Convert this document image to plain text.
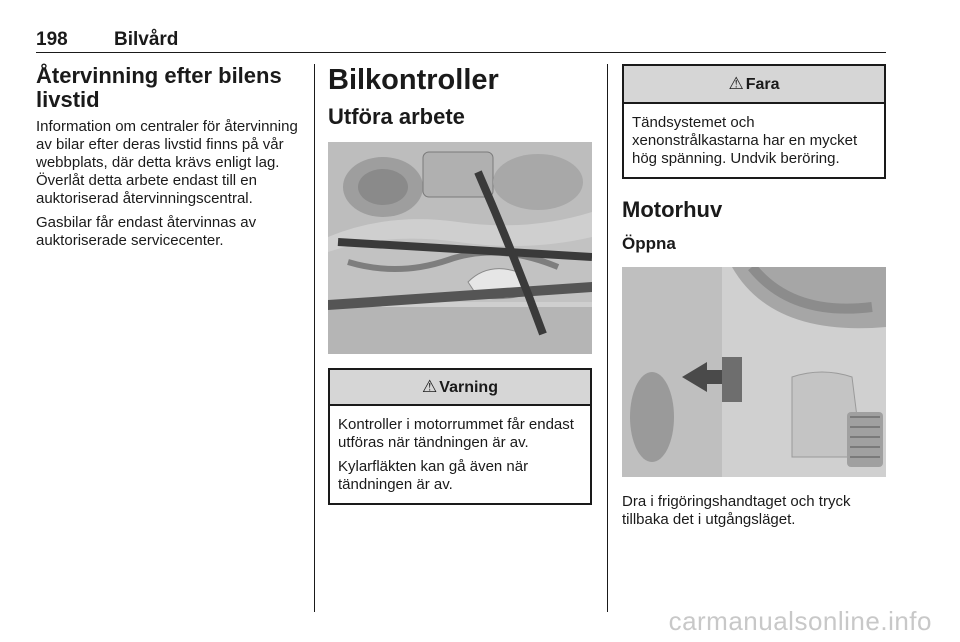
198 Bilvård
Återvinning efter bilens livstid

Information om centraler för återvinning av bilar efter deras livstid finns på vår webbplats, där detta krävs enligt lag. Överlåt detta arbete endast till en auktoriserad återvinningscentral.

Gasbilar får endast återvinnas av auktoriserade servicecenter.

Bilkontroller
Utföra arbete
⚠ Varning

Kontroller i motorrummet får endast utföras när tändningen är av.

Kylarfläkten kan gå även när tändningen är av.

⚠ Fara

Tändsystemet och xenonstrålkastarna har en mycket hög spänning. Undvik beröring.

Motorhuv
Öppna

Dra i frigöringshandtaget och tryck tillbaka det i utgångsläget.

carmanualsonline.info
